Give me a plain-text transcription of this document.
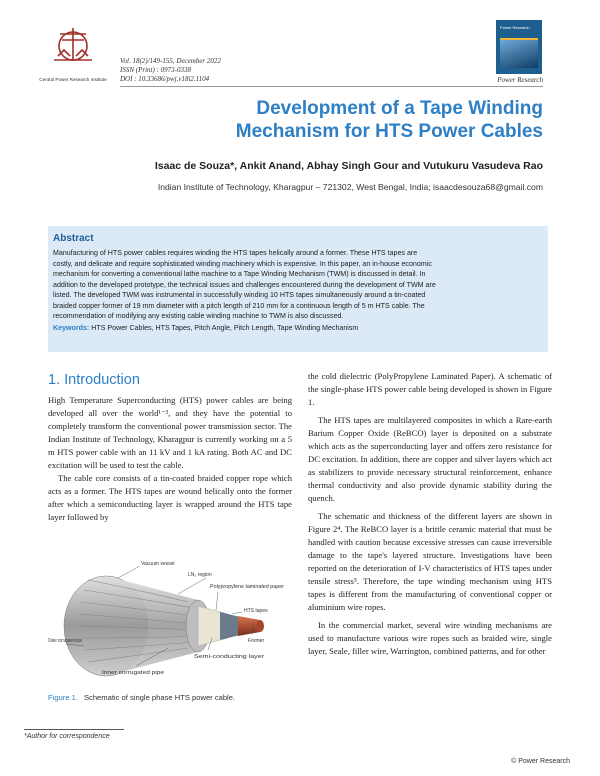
Central Power Research Institute
Vol. 18(2)/149-155, December 2022
ISSN (Print) : 0973-0338
DOI : 10.33686/pwj.v18i2.1104
Power Research
Power Research
Development of a Tape Winding
Mechanism for HTS Power Cables
Isaac de Souza*, Ankit Anand, Abhay Singh Gour and Vutukuru Vasudeva Rao
Indian Institute of Technology, Kharagpur – 721302, West Bengal, India; isaacdesouza68@gmail.com
Abstract
Manufacturing of HTS power cables requires winding the HTS tapes helically around a former. These HTS tapes are
costly, and delicate and require sophisticated winding machinery which is expensive. In this paper, an in-house economic
mechanism for converting a conventional lathe machine to a Tape Winding Mechanism (TWM) is discussed in detail. In
addition to the developed prototype, the technical issues and challenges encountered during the development of TWM are
listed. The developed TWM was instrumental in successfully winding 10 HTS tapes simultaneously around a tin-coated
braided copper former of 19 mm diameter with a pitch length of 210 mm for a continuous length of 5 m HTS cable. The
recommendation of modifying any existing cable winding machine to TWM is also discussed.
Keywords: HTS Power Cables, HTS Tapes, Pitch Angle, Pitch Length, Tape Winding Mechanism
1. Introduction

High Temperature Superconducting (HTS) power cables are being developed all over the world¹⁻³, and they have the potential to completely transform the conventional power transmission sector. The Indian Institute of Technology, Kharagpur is currently working on a 5 m HTS power cable with an 11 kV and 1 kA rating. Both AC and DC excitation will be used to test the cable.

The cable core consists of a tin-coated braided copper rope which acts as a former. The HTS tapes are wound helically onto the former after which a semiconducting layer is wrapped around the HTS tape layer followed by

Vacuum vessel
LN₂ region
Polypropylene laminated paper
HTS tapes
Former
Semi-conducting layer
Inner corrugated pipe
Outer corrugated pipe
Figure 1. Schematic of single phase HTS power cable.

the cold dielectric (PolyPropylene Laminated Paper). A schematic of the single-phase HTS power cable being developed is shown in Figure 1.

The HTS tapes are multilayered composites in which a Rare-earth Barium Copper Oxide (ReBCO) layer is deposited on a substrate which acts as the superconducting layer and offers zero resistance for DC excitation. In addition, there are copper and silver layers which act as stabilizers to provide necessary structural reinforcement, enhance thermal conductivity and also provide dynamic stability during the quench.

The schematic and thickness of the different layers are shown in Figure 2⁴. The ReBCO layer is a brittle ceramic material that must be handled with caution because excessive stresses can cause irreversible damage to the tape's layered structure. Investigations have been reported on the deterioration of I-V characteristics of HTS tapes under tensile stress⁵. Therefore, the tape winding mechanism using HTS tapes is different from the manufacturing of conventional copper or aluminium wire ropes.

In the commercial market, several wire winding mechanisms are used to manufacture various wire ropes such as braided wire, single layer, Seale, filler wire, Warrington, combined patterns, and for other

*Author for correspondence
© Power Research
